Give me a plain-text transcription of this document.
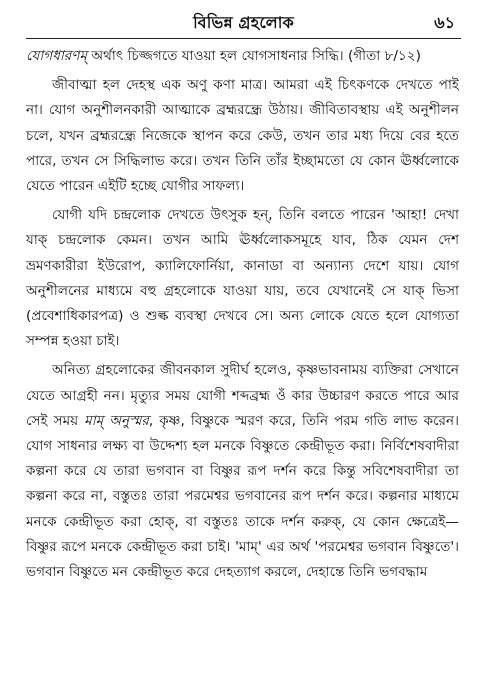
বিভিন্ন গ্রহলোক	৬১

যোগধারণম্‌ অর্থাৎ চিজ্জগতে যাওয়া হল যোগসাধনার সিদ্ধি। (গীতা ৮/১২)

জীবাত্মা হল দেহস্থ এক অণু কণা মাত্র। আমরা এই চিৎকণকে দেখতে পাই না। যোগ অনুশীলনকারী আত্মাকে ব্রহ্মরন্ধ্রে উঠায়। জীবিতাবস্থায় এই অনুশীলন চলে, যখন ব্রহ্মরন্ধ্রে নিজেকে স্থাপন করে কেউ, তখন তার মধ্য দিয়ে বের হতে পারে, তখন সে সিদ্ধিলাভ করে। তখন তিনি তাঁর ইচ্ছামতো যে কোন ঊর্ধ্বলোকে যেতে পারেন এইটি হচ্ছে যোগীর সাফল্য।

যোগী যদি চন্দ্রলোক দেখতে উৎসুক হন্‌, তিনি বলতে পারেন 'আহা! দেখা যাক্‌ চন্দ্রলোক কেমন। তখন আমি ঊর্ধ্বলোকসমূহে যাব, ঠিক যেমন দেশ ভ্রমণকারীরা ইউরোপ, ক্যালিফোর্নিয়া, কানাডা বা অন্যান্য দেশে যায়। যোগ অনুশীলনের মাধ্যমে বহু গ্রহলোকে যাওয়া যায়, তবে যেখানেই সে যাক্‌ ভিসা (প্রবেশাধিকারপত্র) ও শুল্ক ব্যবস্থা দেখবে সে। অন্য লোকে যেতে হলে যোগ্যতা সম্পন্ন হওয়া চাই।

অনিত্য গ্রহলোকের জীবনকাল সুদীর্ঘ হলেও, কৃষ্ণভাবনাময় ব্যক্তিরা সেখানে যেতে আগ্রহী নন। মৃত্যুর সময় যোগী শব্দব্রহ্ম ওঁ কার উচ্চারণ করতে পারে আর সেই সময় মাম্‌ অনুস্মর, কৃষ্ণ, বিষ্ণুকে স্মরণ করে, তিনি পরম গতি লাভ করেন। যোগ সাধনার লক্ষ্য বা উদ্দেশ্য হল মনকে বিষ্ণুতে কেন্দ্রীভূত করা। নির্বিশেষবাদীরা কল্পনা করে যে তারা ভগবান বা বিষ্ণুর রূপ দর্শন করে কিন্তু সবিশেষবাদীরা তা কল্পনা করে না, বস্তুতঃ তারা পরমেশ্বর ভগবানের রূপ দর্শন করে। কল্পনার মাধ্যমে মনকে কেন্দ্রীভূত করা হোক্‌, বা বস্তুতঃ তাকে দর্শন করুক্‌, যে কোন ক্ষেত্রেই—বিষ্ণুর রূপে মনকে কেন্দ্রীভূত করা চাই। 'মাম্‌' এর অর্থ 'পরমেশ্বর ভগবান বিষ্ণুতে'। ভগবান বিষ্ণুতে মন কেন্দ্রীভূত করে দেহত্যাগ করলে, দেহান্তে তিনি ভগবদ্ধাম
